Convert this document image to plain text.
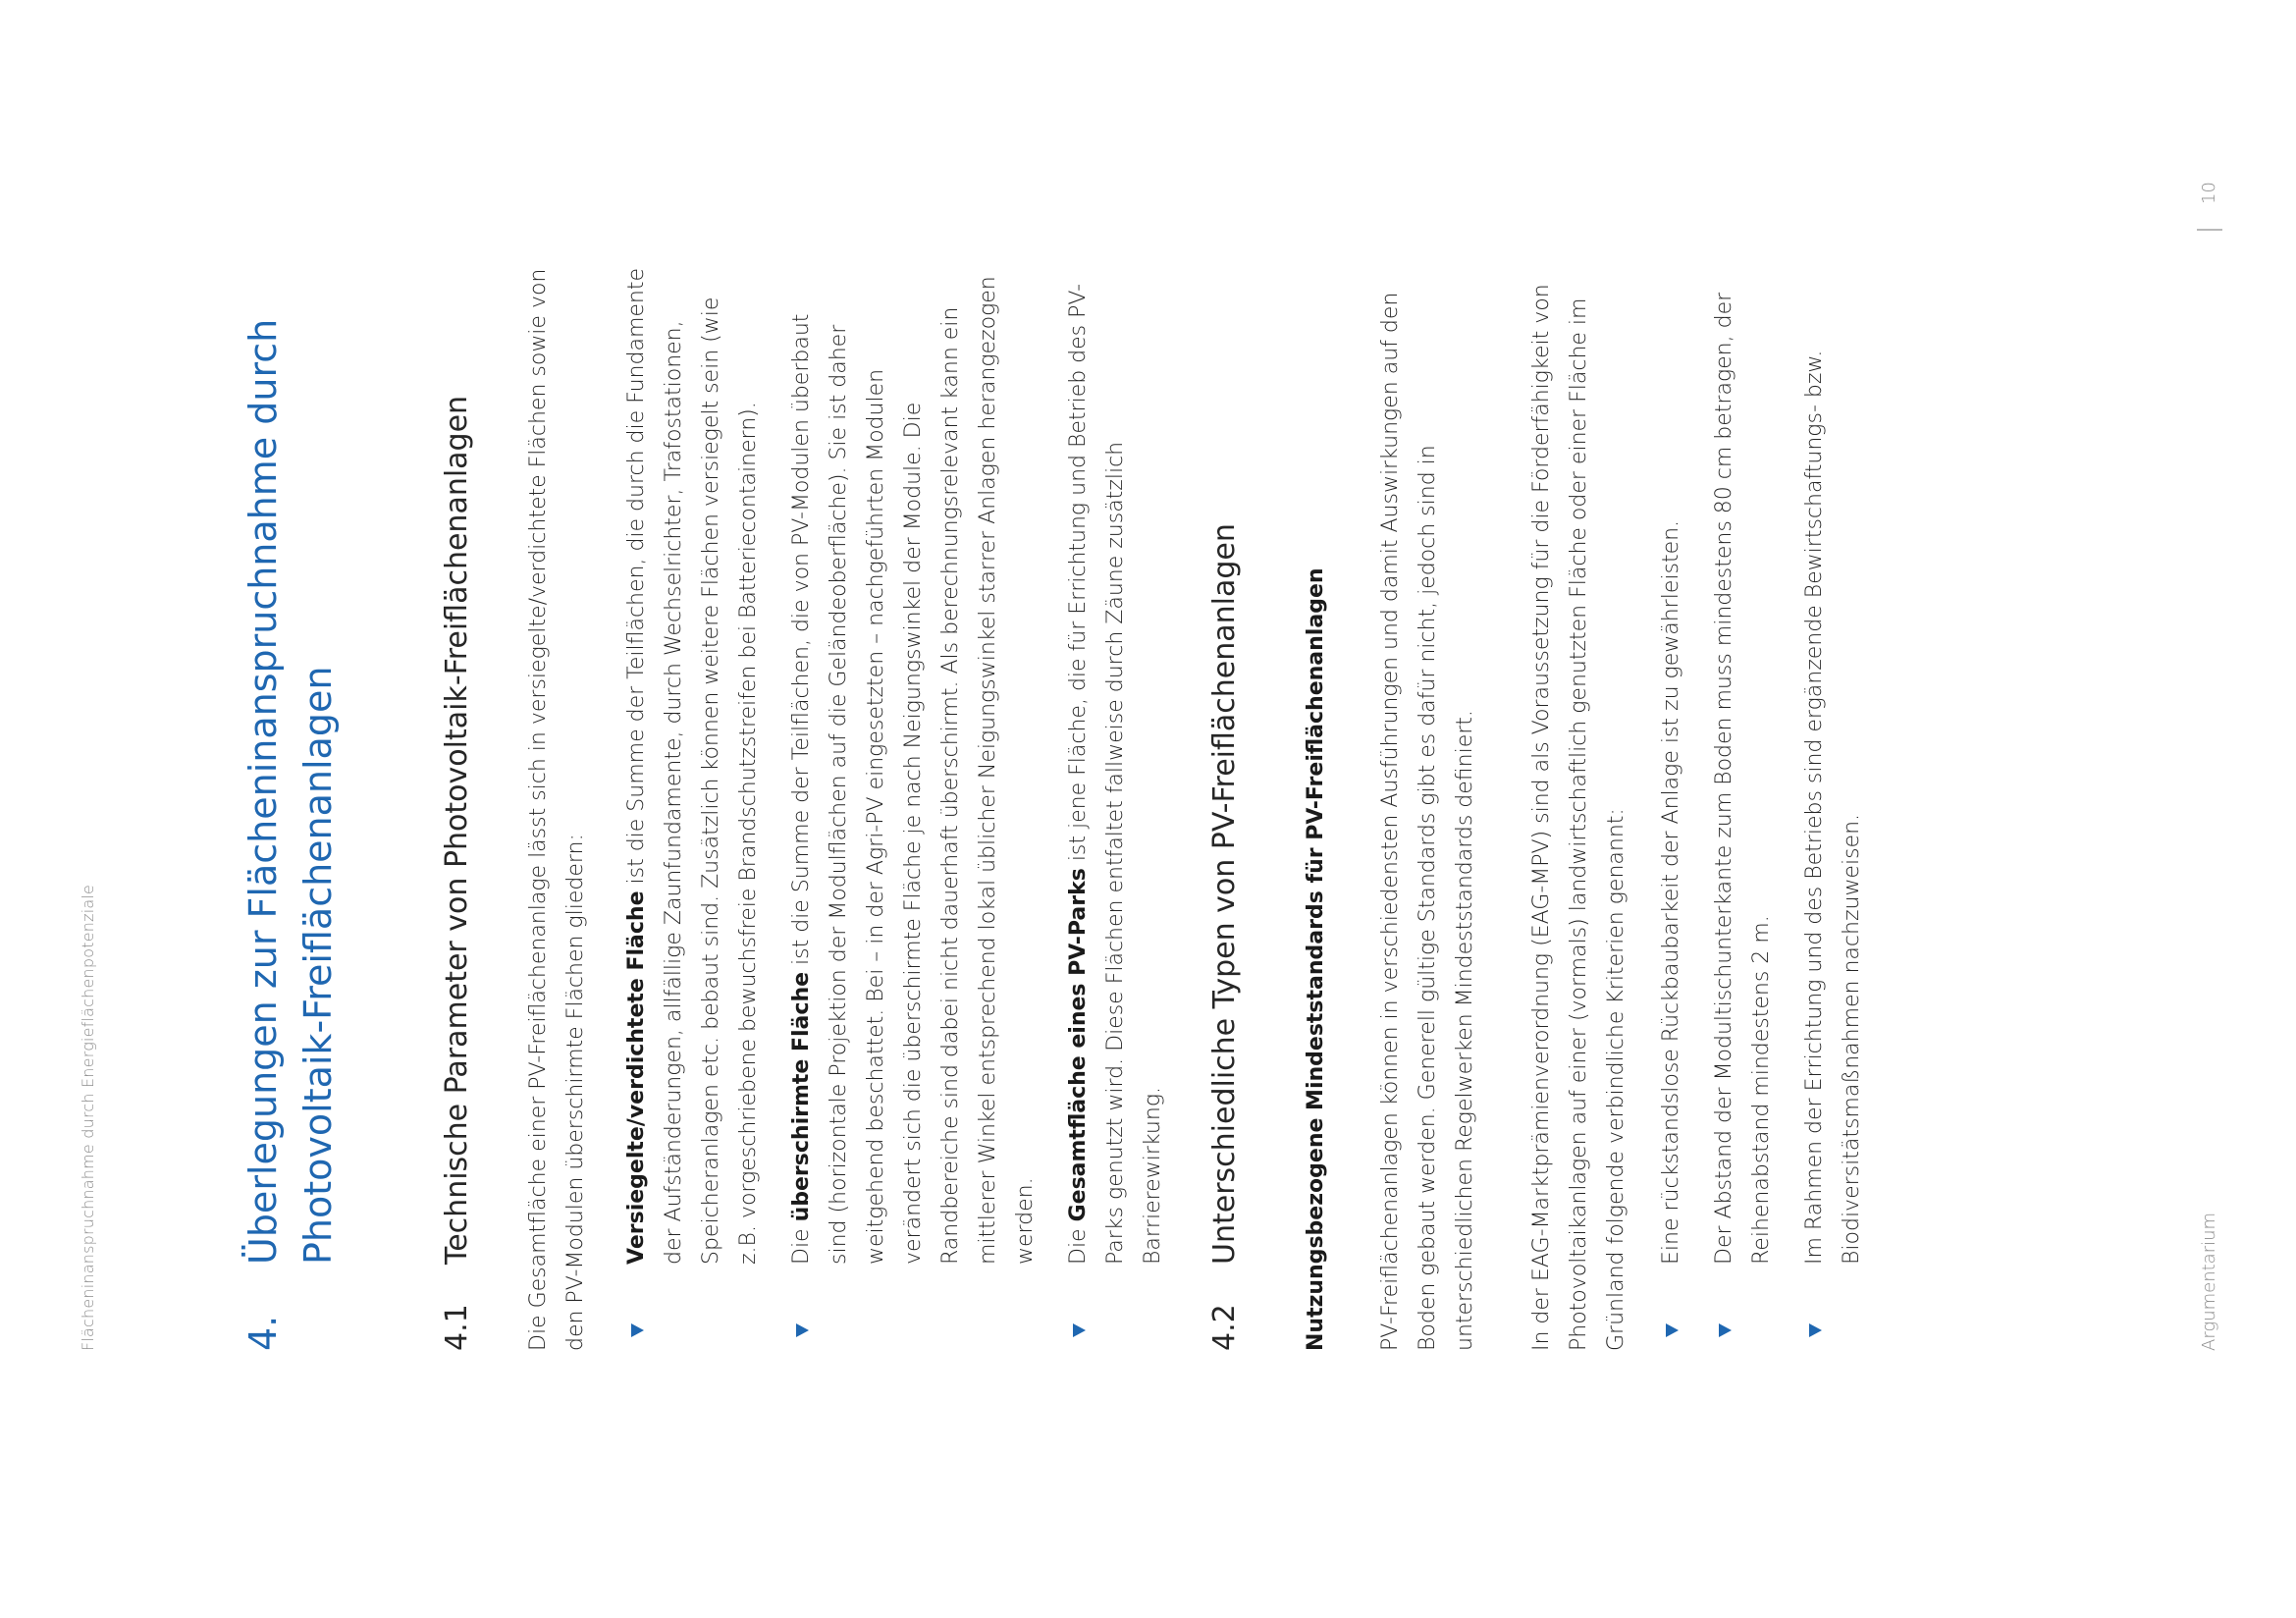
Flächeninanspruchnahme durch Energieflächenpotenziale	4.
Überlegungen zur Flächeninanspruchnahme durch Photovoltaik-Freiflächenanlagen
4.1
Technische Parameter von Photovoltaik-Freiflächenanlagen Die Gesamtfläche einer PV-Freiflächenanlage lässt sich in versiegelte/verdichtete Flächen sowie von den PV-Modulen überschirmte Flächen gliedern:	Versiegelte/verdichtete Fläche ist die Summe der Teilflächen, die durch die Fundamente der Aufständerungen, allfällige Zaunfundamente, durch Wechselrichter, Trafostationen, Speicheranlagen etc. bebaut sind. Zusätzlich können weitere Flächen versiegelt sein (wie z.B. vorgeschriebene bewuchsfreie Brandschutzstreifen bei Batteriecontainern).	Die überschirmte Fläche ist die Summe der Teilflächen, die von PV-Modulen überbaut sind (horizontale Projektion der Modulflächen auf die Geländeoberfläche). Sie ist daher weitgehend beschattet. Bei – in der Agri-PV eingesetzten – nachgeführten Modulen verändert sich die überschirmte Fläche je nach Neigungswinkel der Module. Die Randbereiche sind dabei nicht dauerhaft überschirmt. Als berechnungsrelevant kann ein mittlerer Winkel entsprechend lokal üblicher Neigungswinkel starrer Anlagen herangezogen werden.	Die Gesamtfläche eines PV-Parks ist jene Fläche, die für Errichtung und Betrieb des PV-Parks genutzt wird. Diese Flächen entfaltet fallweise durch Zäune zusätzlich Barrierewirkung.
4.2
Unterschiedliche Typen von PV-Freiflächenanlagen	Nutzungsbezogene Mindeststandards für PV-Freiflächenanlagen	PV-Freiflächenanlagen können in verschiedensten Ausführungen und damit Auswirkungen auf den Boden gebaut werden. Generell gültige Standards gibt es dafür nicht, jedoch sind in unterschiedlichen Regelwerken Mindeststandards definiert.	In der EAG-Marktprämienverordnung (EAG-MPV) sind als Voraussetzung für die Förderfähigkeit von Photovoltaikanlagen auf einer (vormals) landwirtschaftlich genutzten Fläche oder einer Fläche im Grünland folgende verbindliche Kriterien genannt:	Eine rückstandslose Rückbaubarkeit der Anlage ist zu gewährleisten.	Der Abstand der Modultischunterkante zum Boden muss mindestens 80 cm betragen, der Reihenabstand mindestens 2 m.	Im Rahmen der Errichtung und des Betriebs sind ergänzende Bewirtschaftungs- bzw. Biodiversitätsmaßnahmen nachzuweisen.
Argumentarium
10
